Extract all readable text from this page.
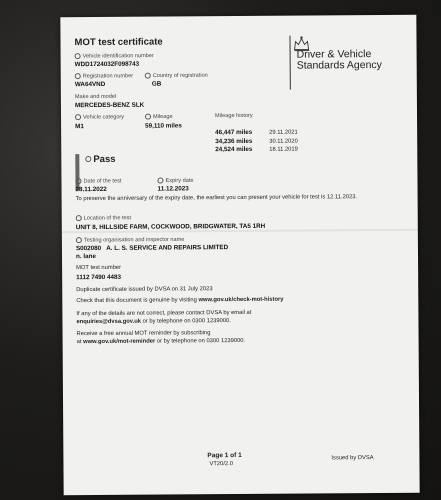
MOT test certificate
Vehicle identification number
WDD1724032F098743
Registration number
WA64VND
Country of registration
GB
Make and model
MERCEDES-BENZ SLK
Vehicle category
M1
Mileage
59,110 miles
Mileage history
46,447 miles	29.11.2021
34,236 miles	30.11.2020
24,524 miles	18.11.2019
Driver & Vehicle Standards Agency
Pass
Date of the test
28.11.2022
Expiry date
11.12.2023
To preserve the anniversary of the expiry date, the earliest you can present your vehicle for test is 12.11.2023.
Location of the test
UNIT 8, HILLSIDE FARM, COCKWOOD, BRIDGWATER, TA5 1RH
Testing organisation and inspector name
S002080   A. L. S. SERVICE AND REPAIRS LIMITED
n. lane
MOT test number
1112 7490 4483
Duplicate certificate issued by DVSA on 31 July 2023
Check that this document is genuine by visiting www.gov.uk/check-mot-history
If any of the details are not correct, please contact DVSA by email at
enquiries@dvsa.gov.uk or by telephone on 0300 1239000.
Receive a free annual MOT reminder by subscribing
at www.gov.uk/mot-reminder or by telephone on 0300 1239000.
Page 1 of 1
VT20/2.0
Issued by DVSA
